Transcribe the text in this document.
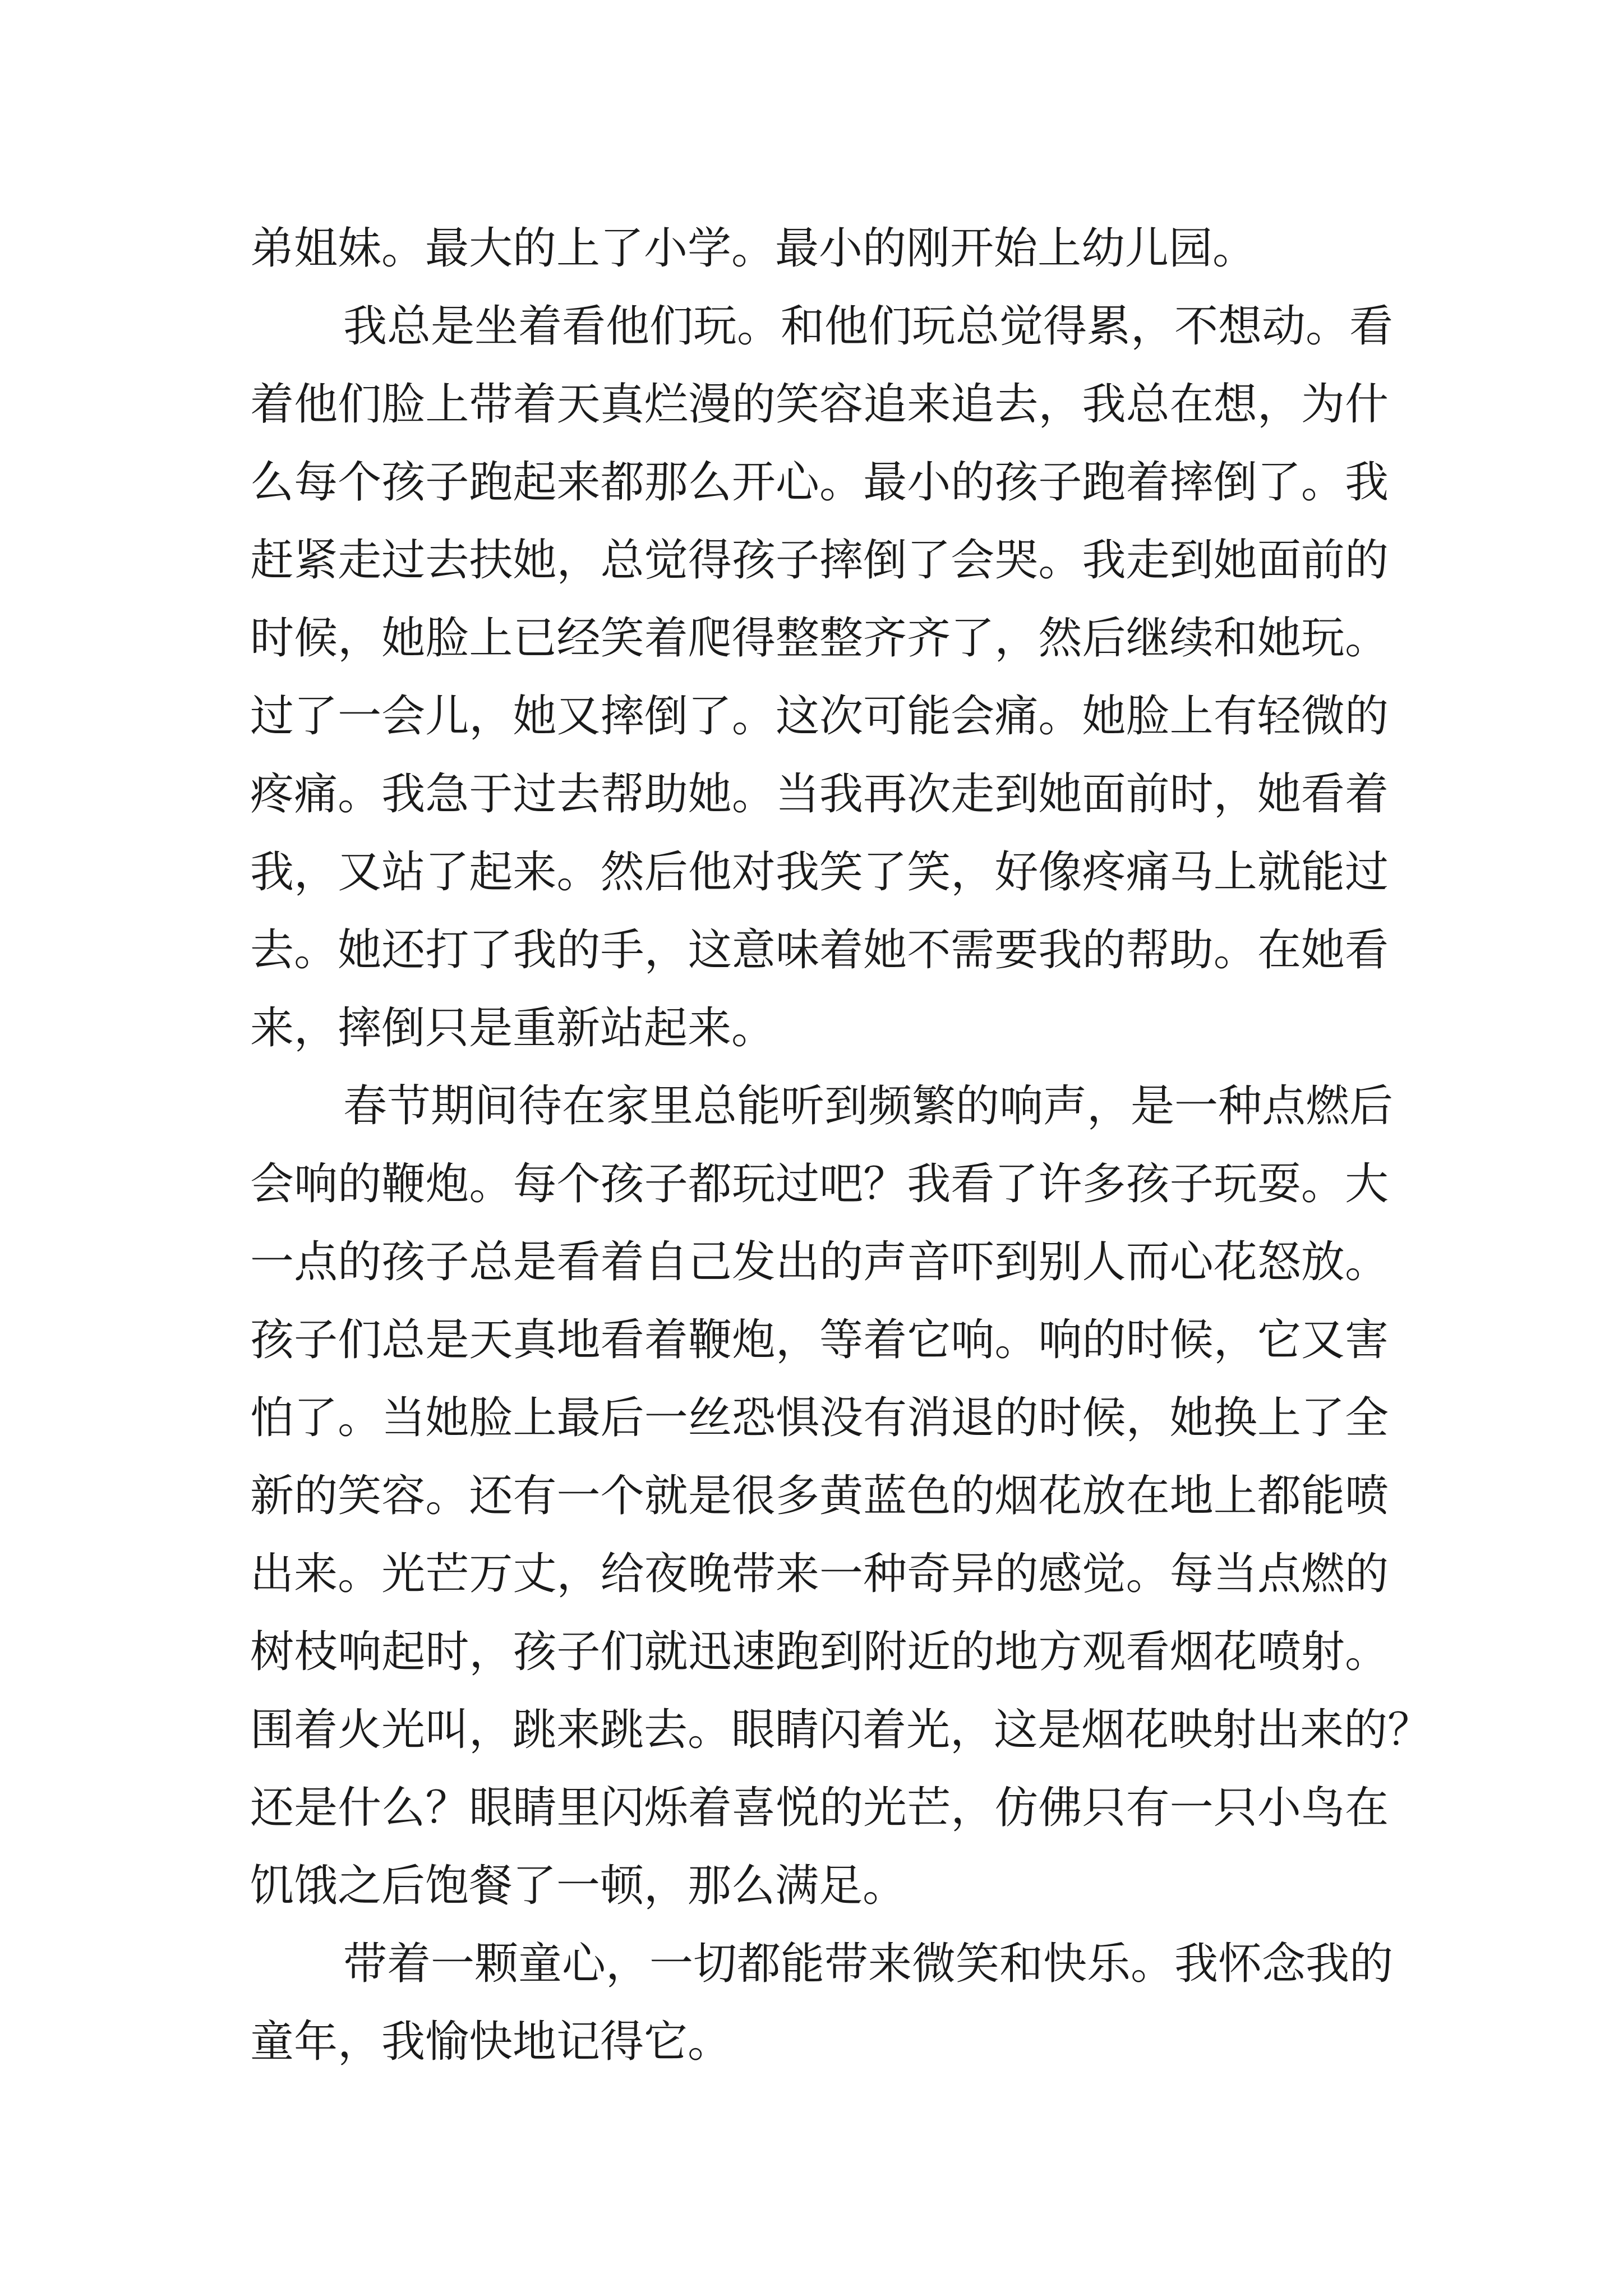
弟姐妹。最大的上了小学。最小的刚开始上幼儿园。
我总是坐着看他们玩。和他们玩总觉得累，不想动。看
着他们脸上带着天真烂漫的笑容追来追去，我总在想，为什
么每个孩子跑起来都那么开心。最小的孩子跑着摔倒了。我
赶紧走过去扶她，总觉得孩子摔倒了会哭。我走到她面前的
时候，她脸上已经笑着爬得整整齐齐了，然后继续和她玩。
过了一会儿，她又摔倒了。这次可能会痛。她脸上有轻微的
疼痛。我急于过去帮助她。当我再次走到她面前时，她看着
我，又站了起来。然后他对我笑了笑，好像疼痛马上就能过
去。她还打了我的手，这意味着她不需要我的帮助。在她看
来，摔倒只是重新站起来。
春节期间待在家里总能听到频繁的响声，是一种点燃后
会响的鞭炮。每个孩子都玩过吧？我看了许多孩子玩耍。大
一点的孩子总是看着自己发出的声音吓到别人而心花怒放。
孩子们总是天真地看着鞭炮，等着它响。响的时候，它又害
怕了。当她脸上最后一丝恐惧没有消退的时候，她换上了全
新的笑容。还有一个就是很多黄蓝色的烟花放在地上都能喷
出来。光芒万丈，给夜晚带来一种奇异的感觉。每当点燃的
树枝响起时，孩子们就迅速跑到附近的地方观看烟花喷射。
围着火光叫，跳来跳去。眼睛闪着光，这是烟花映射出来的？
还是什么？眼睛里闪烁着喜悦的光芒，仿佛只有一只小鸟在
饥饿之后饱餐了一顿，那么满足。
带着一颗童心，一切都能带来微笑和快乐。我怀念我的
童年，我愉快地记得它。
